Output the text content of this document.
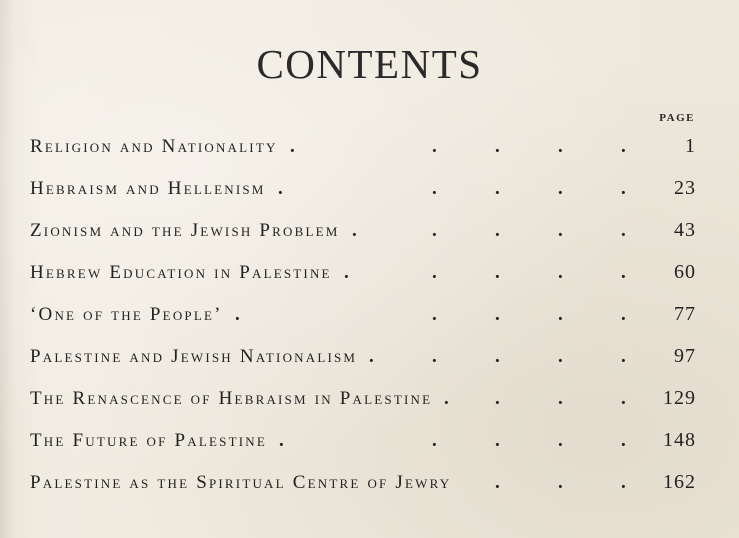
CONTENTS
PAGE
Religion and Nationality .	.	.	.	.	1
Hebraism and Hellenism .	.	.	.	. 23
Zionism and the Jewish Problem .	.	.	.	. 43
Hebrew Education in Palestine .	.	.	.	. 60
‘One of the People’ .	.	.	.	. 77
Palestine and Jewish Nationalism .	.	.	.	. 97
The Renascence of Hebraism in Palestine . .	.	. 129
The Future of Palestine .	.	.	.	. 148
Palestine as the Spiritual Centre of Jewry .	.	. 162
